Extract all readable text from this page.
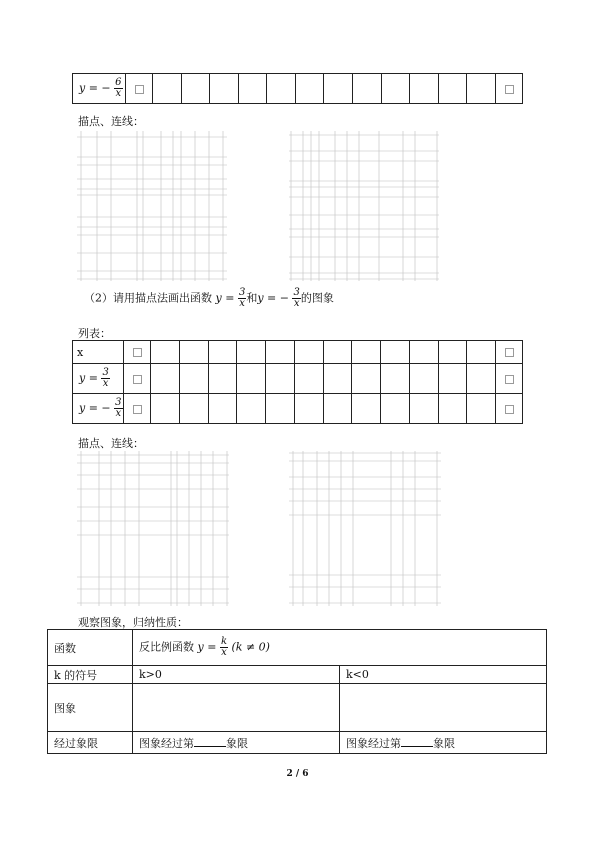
y = − $\frac{6}{x}$

描点、连线：
（2）请用描点法画出函数 $y = \frac{3}{x}$ 和y = − $\frac{3}{x}$ 的图象
列表：
x														
$y = \frac{3}{x}$

y = − $\frac{3}{x}$

描点、连线：
观察图象，归纳性质：
函数	反比例函数 $y = \frac{k}{x} (k \ne 0)$	
k 的符号	k>0	k<0
图象		
经过象限	图象经过第 象限	图象经过第 象限
2 / 6
